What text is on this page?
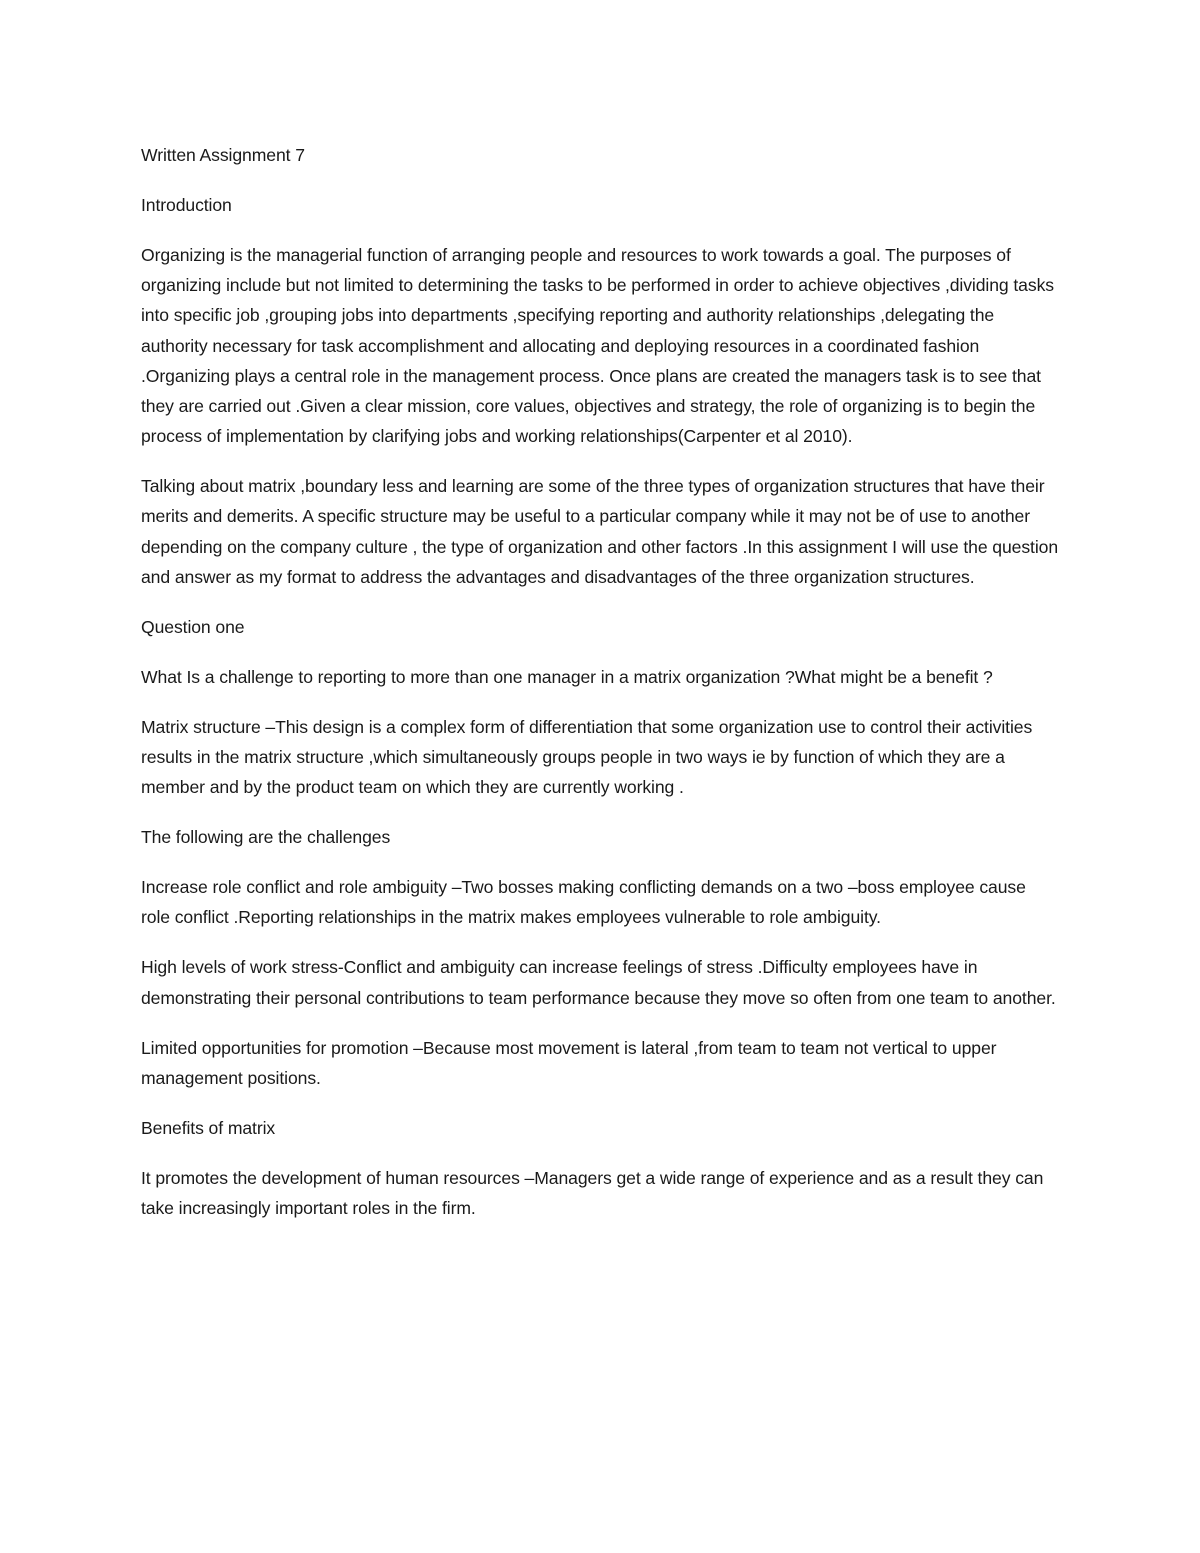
Written Assignment 7

Introduction

Organizing is the managerial function of arranging people and resources to work towards a goal. The purposes of organizing include but not limited to determining the tasks to be performed in order to achieve objectives ,dividing tasks into specific job ,grouping jobs into departments ,specifying reporting and authority relationships ,delegating the authority necessary for task accomplishment and allocating and deploying resources in a coordinated fashion .Organizing plays a central role in the management process. Once plans are created the managers task is to see that they are carried out .Given a clear mission, core values, objectives and strategy, the role of organizing is to begin the process of implementation by clarifying jobs and working relationships(Carpenter et al 2010).

Talking about matrix ,boundary less and learning are some of the three types of organization structures that have their merits and demerits. A specific structure may be useful to a particular company while it may not be of use to another depending on the company culture , the type of organization and other factors .In this assignment I will use the question and answer as my format to address the advantages and disadvantages of the three organization structures.

Question one

What Is a challenge to reporting to more than one manager in a matrix organization ?What might be a benefit ?

Matrix structure –This design is a complex form of differentiation that some organization use to control their activities results in the matrix structure ,which simultaneously groups people in two ways ie by function of which they are a member and by the product team on which they are currently working .

The following are the challenges

Increase role conflict and role ambiguity –Two bosses making conflicting demands on a two –boss employee cause role conflict .Reporting relationships in the matrix makes employees vulnerable to role ambiguity.

High levels of work stress-Conflict and ambiguity can increase feelings of stress .Difficulty employees have in demonstrating their personal contributions to team performance because they move so often from one team to another.

Limited opportunities for promotion –Because most movement is lateral ,from team to team not vertical to upper management positions.

Benefits of matrix

It promotes the development of human resources –Managers get a wide range of experience and as a result they can take increasingly important roles in the firm.
